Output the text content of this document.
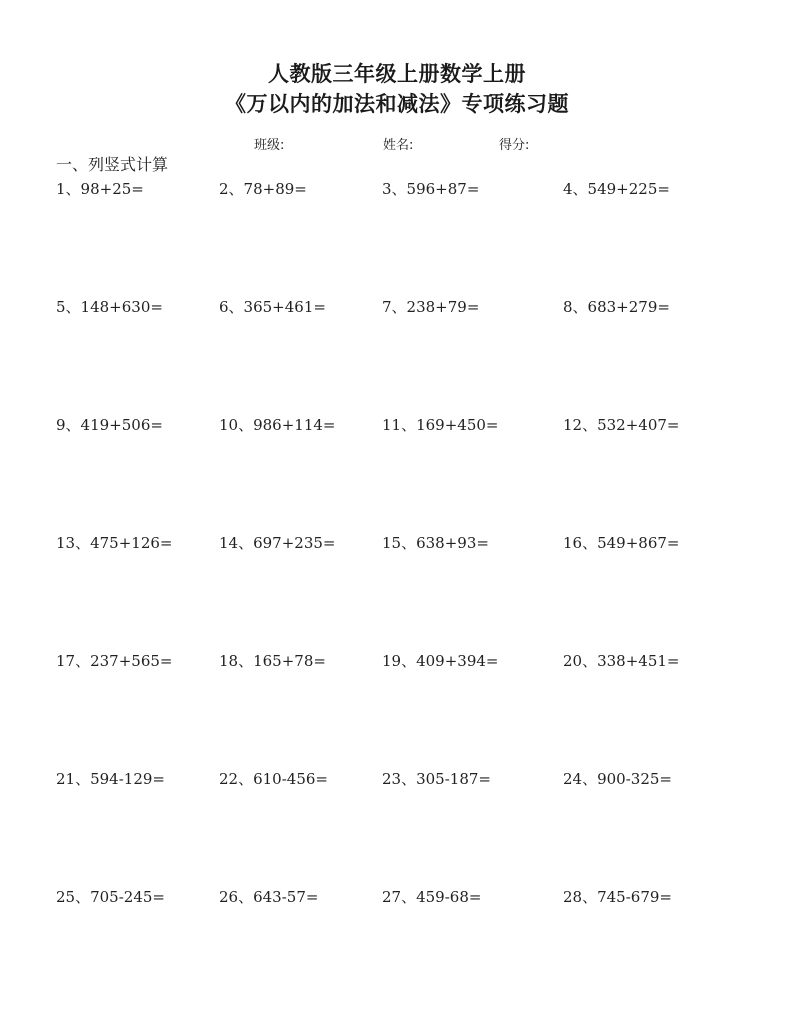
人教版三年级上册数学上册
《万以内的加法和减法》专项练习题
班级:	姓名:	得分:
一、列竖式计算
1、98+25=	2、78+89=	3、596+87=	4、549+225=
5、148+630=	6、365+461=	7、238+79=	8、683+279=
9、419+506=	10、986+114=	11、169+450=	12、532+407=
13、475+126=	14、697+235=	15、638+93=	16、549+867=
17、237+565=	18、165+78=	19、409+394=	20、338+451=
21、594-129=	22、610-456=	23、305-187=	24、900-325=
25、705-245=	26、643-57=	27、459-68=	28、745-679=
